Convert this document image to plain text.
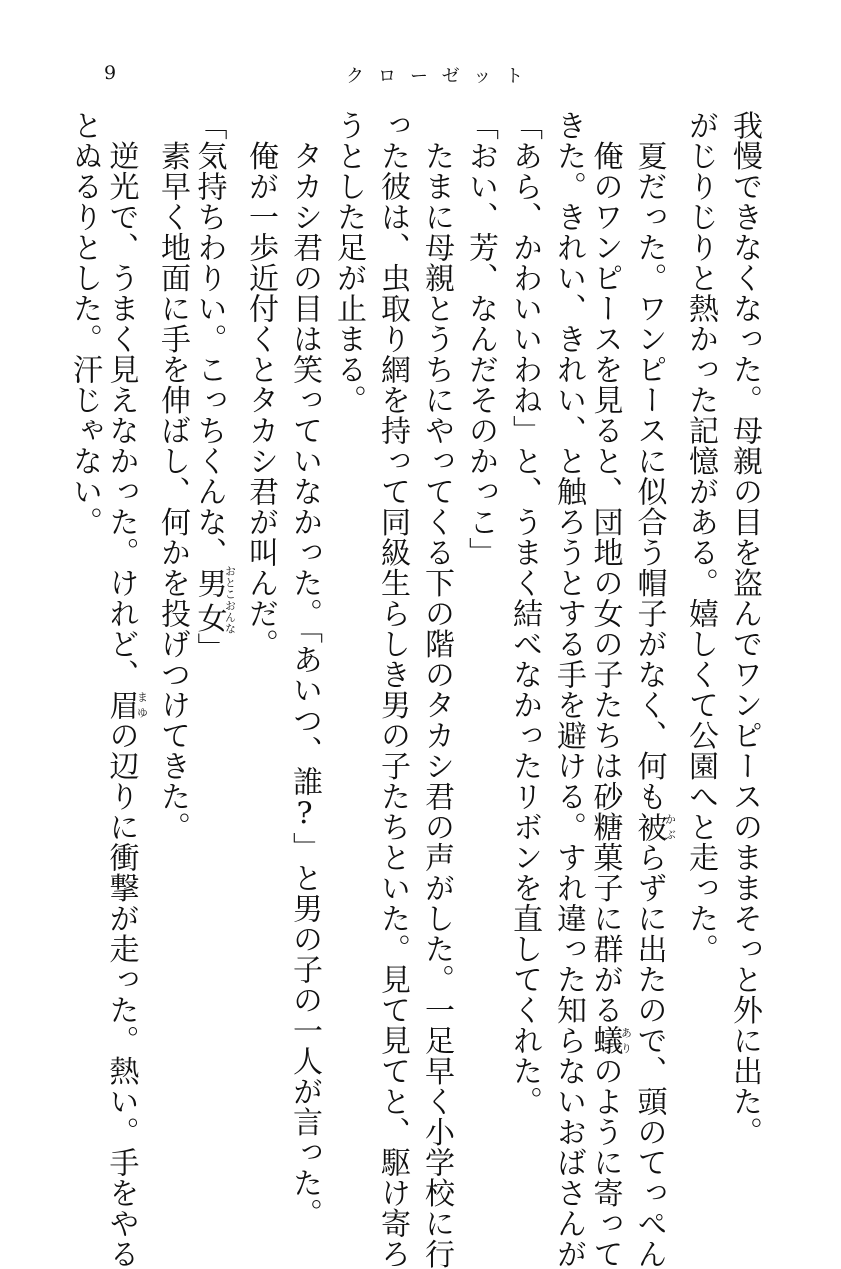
9	クローゼット
我慢できなくなった。母親の目を盗んでワンピースのままそっと外に出た。
がじりじりと熱かった記憶がある。嬉しくて公園へと走った。
　夏だった。ワンピースに似合う帽子がなく、何も被かぶらずに出たので、頭のてっぺん
　俺のワンピースを見ると、団地の女の子たちは砂糖菓子に群がる蟻ありのように寄って
きた。きれい、きれい、と触ろうとする手を避ける。すれ違った知らないおばさんが
「あら、かわいいわね」と、うまく結べなかったリボンを直してくれた。
「おい、芳、なんだそのかっこ」
　たまに母親とうちにやってくる下の階のタカシ君の声がした。一足早く小学校に行
った彼は、虫取り網を持って同級生らしき男の子たちといた。見て見てと、駆け寄ろ
うとした足が止まる。
　タカシ君の目は笑っていなかった。「あいつ、誰?」と男の子の一人が言った。
　俺が一歩近付くとタカシ君が叫んだ。
「気持ちわりい。こっちくんな、男女おとこおんな」
　素早く地面に手を伸ばし、何かを投げつけてきた。
　逆光で、うまく見えなかった。けれど、眉まゆの辺りに衝撃が走った。熱い。手をやる
とぬるりとした。汗じゃない。
